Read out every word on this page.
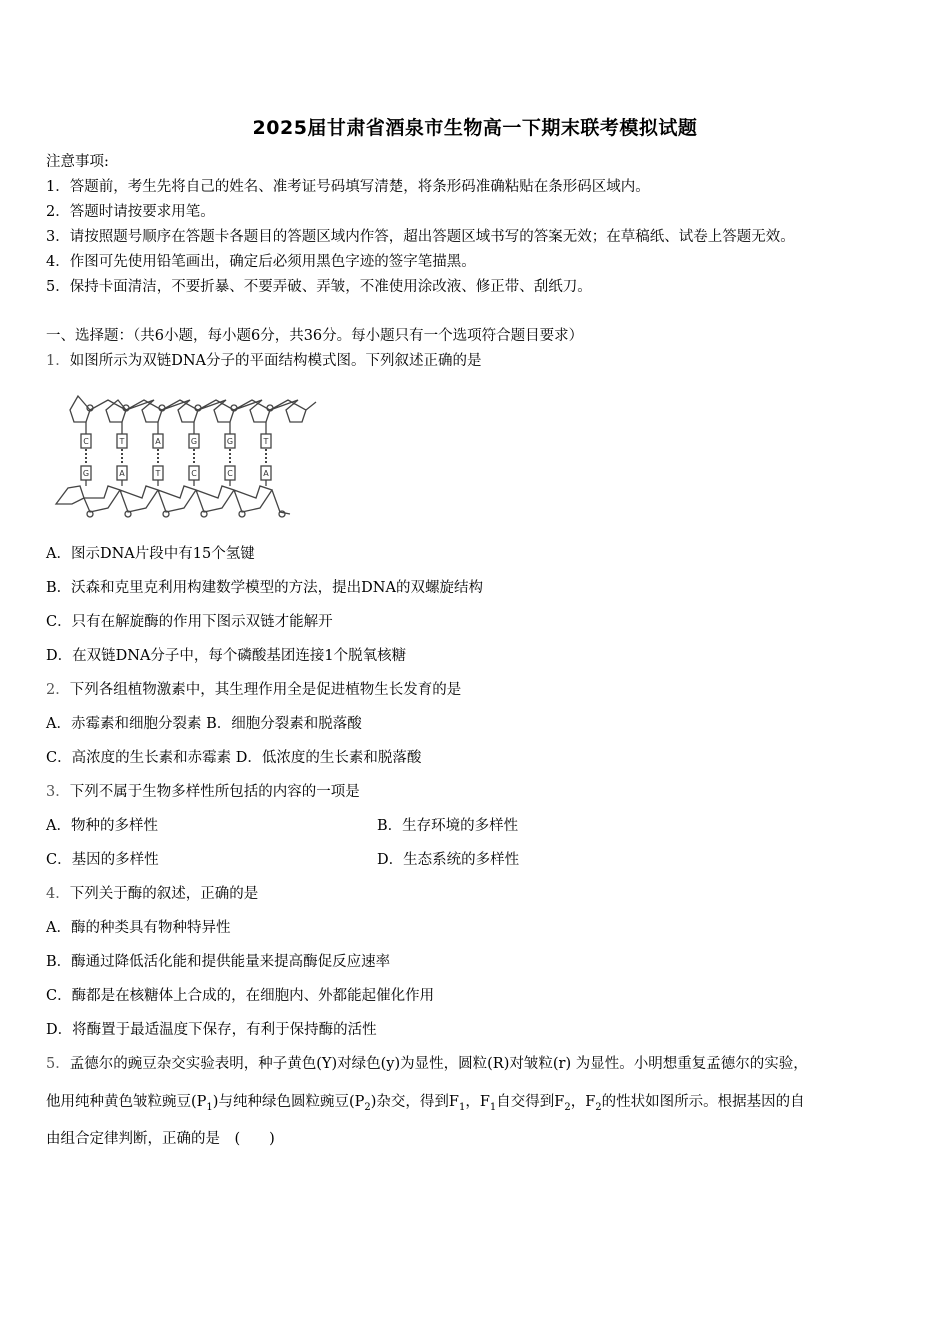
2025届甘肃省酒泉市生物高一下期末联考模拟试题
注意事项:
1．答题前，考生先将自己的姓名、准考证号码填写清楚，将条形码准确粘贴在条形码区域内。
2．答题时请按要求用笔。
3．请按照题号顺序在答题卡各题目的答题区域内作答，超出答题区域书写的答案无效；在草稿纸、试卷上答题无效。
4．作图可先使用铅笔画出，确定后必须用黑色字迹的签字笔描黑。
5．保持卡面清洁，不要折暴、不要弄破、弄皱，不准使用涂改液、修正带、刮纸刀。
一、选择题：（共6小题，每小题6分，共36分。每小题只有一个选项符合题目要求）
1．如图所示为双链DNA分子的平面结构模式图。下列叙述正确的是
C	T	A	G	G	T
G	A	T	C	C	A
A．图示DNA片段中有15个氢键
B．沃森和克里克利用构建数学模型的方法，提出DNA的双螺旋结构
C．只有在解旋酶的作用下图示双链才能解开
D．在双链DNA分子中，每个磷酸基团连接1个脱氧核糖
2．下列各组植物激素中，其生理作用全是促进植物生长发育的是
A．赤霉素和细胞分裂素 B．细胞分裂素和脱落酸
C．高浓度的生长素和赤霉素 D．低浓度的生长素和脱落酸
3．下列不属于生物多样性所包括的内容的一项是
A．物种的多样性	B．生存环境的多样性
C．基因的多样性	D．生态系统的多样性
4．下列关于酶的叙述，正确的是
A．酶的种类具有物种特异性
B．酶通过降低活化能和提供能量来提高酶促反应速率
C．酶都是在核糖体上合成的，在细胞内、外都能起催化作用
D．将酶置于最适温度下保存，有利于保持酶的活性
5．孟德尔的豌豆杂交实验表明，种子黄色(Y)对绿色(y)为显性，圆粒(R)对皱粒(r) 为显性。小明想重复孟德尔的实验，
他用纯种黄色皱粒豌豆$(P_1)$与纯种绿色圆粒豌豆$(P_2)$杂交，得到$F_1$，$F_1$自交得到$F_2$，$F_2$的性状如图所示。根据基因的自
由组合定律判断，正确的是　(　　)
